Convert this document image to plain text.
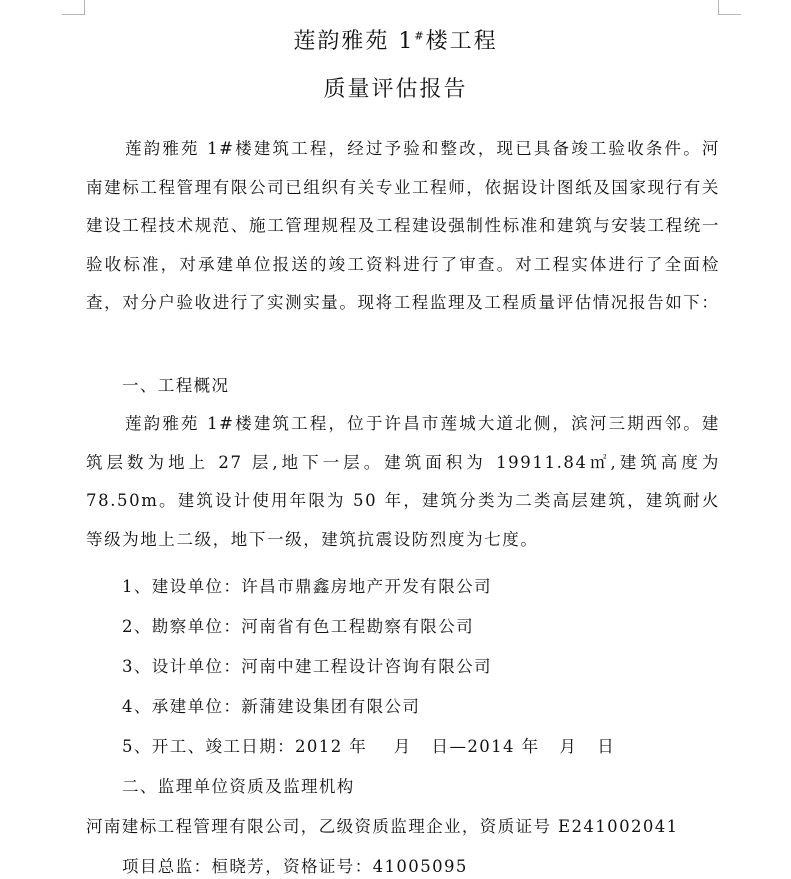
莲韵雅苑 1#楼工程
质量评估报告
莲韵雅苑 1#楼建筑工程，经过予验和整改，现已具备竣工验收条件。河南建标工程管理有限公司已组织有关专业工程师，依据设计图纸及国家现行有关建设工程技术规范、施工管理规程及工程建设强制性标准和建筑与安装工程统一验收标准，对承建单位报送的竣工资料进行了审查。对工程实体进行了全面检查，对分户验收进行了实测实量。现将工程监理及工程质量评估情况报告如下：
一、工程概况
莲韵雅苑 1#楼建筑工程，位于许昌市莲城大道北侧，滨河三期西邻。建筑层数为地上 27 层,地下一层。建筑面积为 19911.84㎡,建筑高度为 78.50m。建筑设计使用年限为 50 年，建筑分类为二类高层建筑，建筑耐火等级为地上二级，地下一级，建筑抗震设防烈度为七度。
1、建设单位：许昌市鼎鑫房地产开发有限公司
2、勘察单位：河南省有色工程勘察有限公司
3、设计单位：河南中建工程设计咨询有限公司
4、承建单位：新蒲建设集团有限公司
5、开工、竣工日期：2012 年    月   日—2014 年   月   日
二、监理单位资质及监理机构
河南建标工程管理有限公司，乙级资质监理企业，资质证号 E241002041
项目总监：桓晓芳，资格证号：41005095
